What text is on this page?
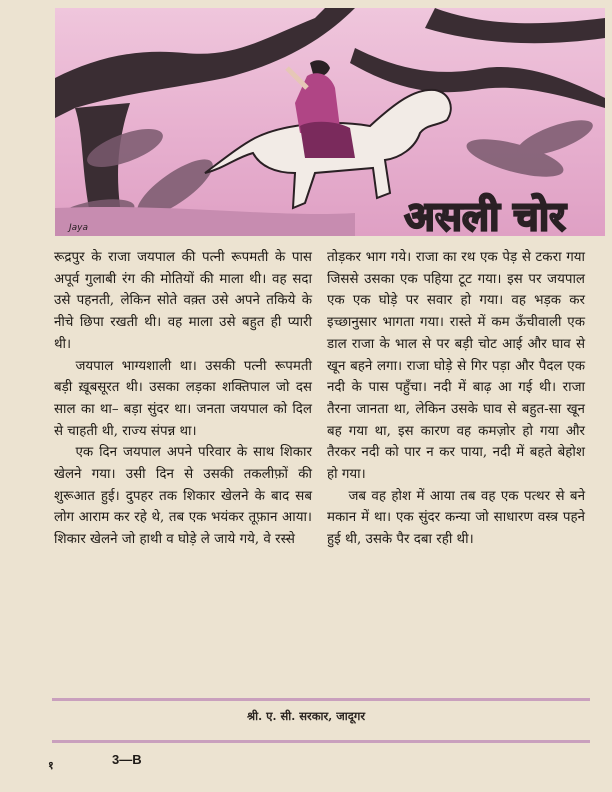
असली चोर
Jaya

रूद्रपुर के राजा जयपाल की पत्नी रूपमती के पास अपूर्व गुलाबी रंग की मोतियों की माला थी। वह सदा उसे पहनती, लेकिन सोते वक़्त उसे अपने तकिये के नीचे छिपा रखती थी। वह माला उसे बहुत ही प्यारी थी।

जयपाल भाग्यशाली था। उसकी पत्नी रूपमती बड़ी ख़ूबसूरत थी। उसका लड़का शक्तिपाल जो दस साल का था– बड़ा सुंदर था। जनता जयपाल को दिल से चाहती थी, राज्य संपन्न था।

एक दिन जयपाल अपने परिवार के साथ शिकार खेलने गया। उसी दिन से उसकी तकलीफ़ों की शुरूआत हुई। दुपहर तक शिकार खेलने के बाद सब लोग आराम कर रहे थे, तब एक भयंकर तूफ़ान आया। शिकार खेलने जो हाथी व घोड़े ले जाये गये, वे रस्से

तोड़कर भाग गये। राजा का रथ एक पेड़ से टकरा गया जिससे उसका एक पहिया टूट गया। इस पर जयपाल एक एक घोड़े पर सवार हो गया। वह भड़क कर इच्छानुसार भागता गया। रास्ते में कम ऊँचीवाली एक डाल राजा के भाल से पर बड़ी चोट आई और घाव से खून बहने लगा। राजा घोड़े से गिर पड़ा और पैदल एक नदी के पास पहुँचा। नदी में बाढ़ आ गई थी। राजा तैरना जानता था, लेकिन उसके घाव से बहुत-सा खून बह गया था, इस कारण वह कमज़ोर हो गया और तैरकर नदी को पार न कर पाया, नदी में बहते बेहोश हो गया।

जब वह होश में आया तब वह एक पत्थर से बने मकान में था। एक सुंदर कन्या जो साधारण वस्त्र पहने हुई थी, उसके पैर दबा रही थी।

श्री. ए. सी. सरकार, जादूगर
१	3—B
